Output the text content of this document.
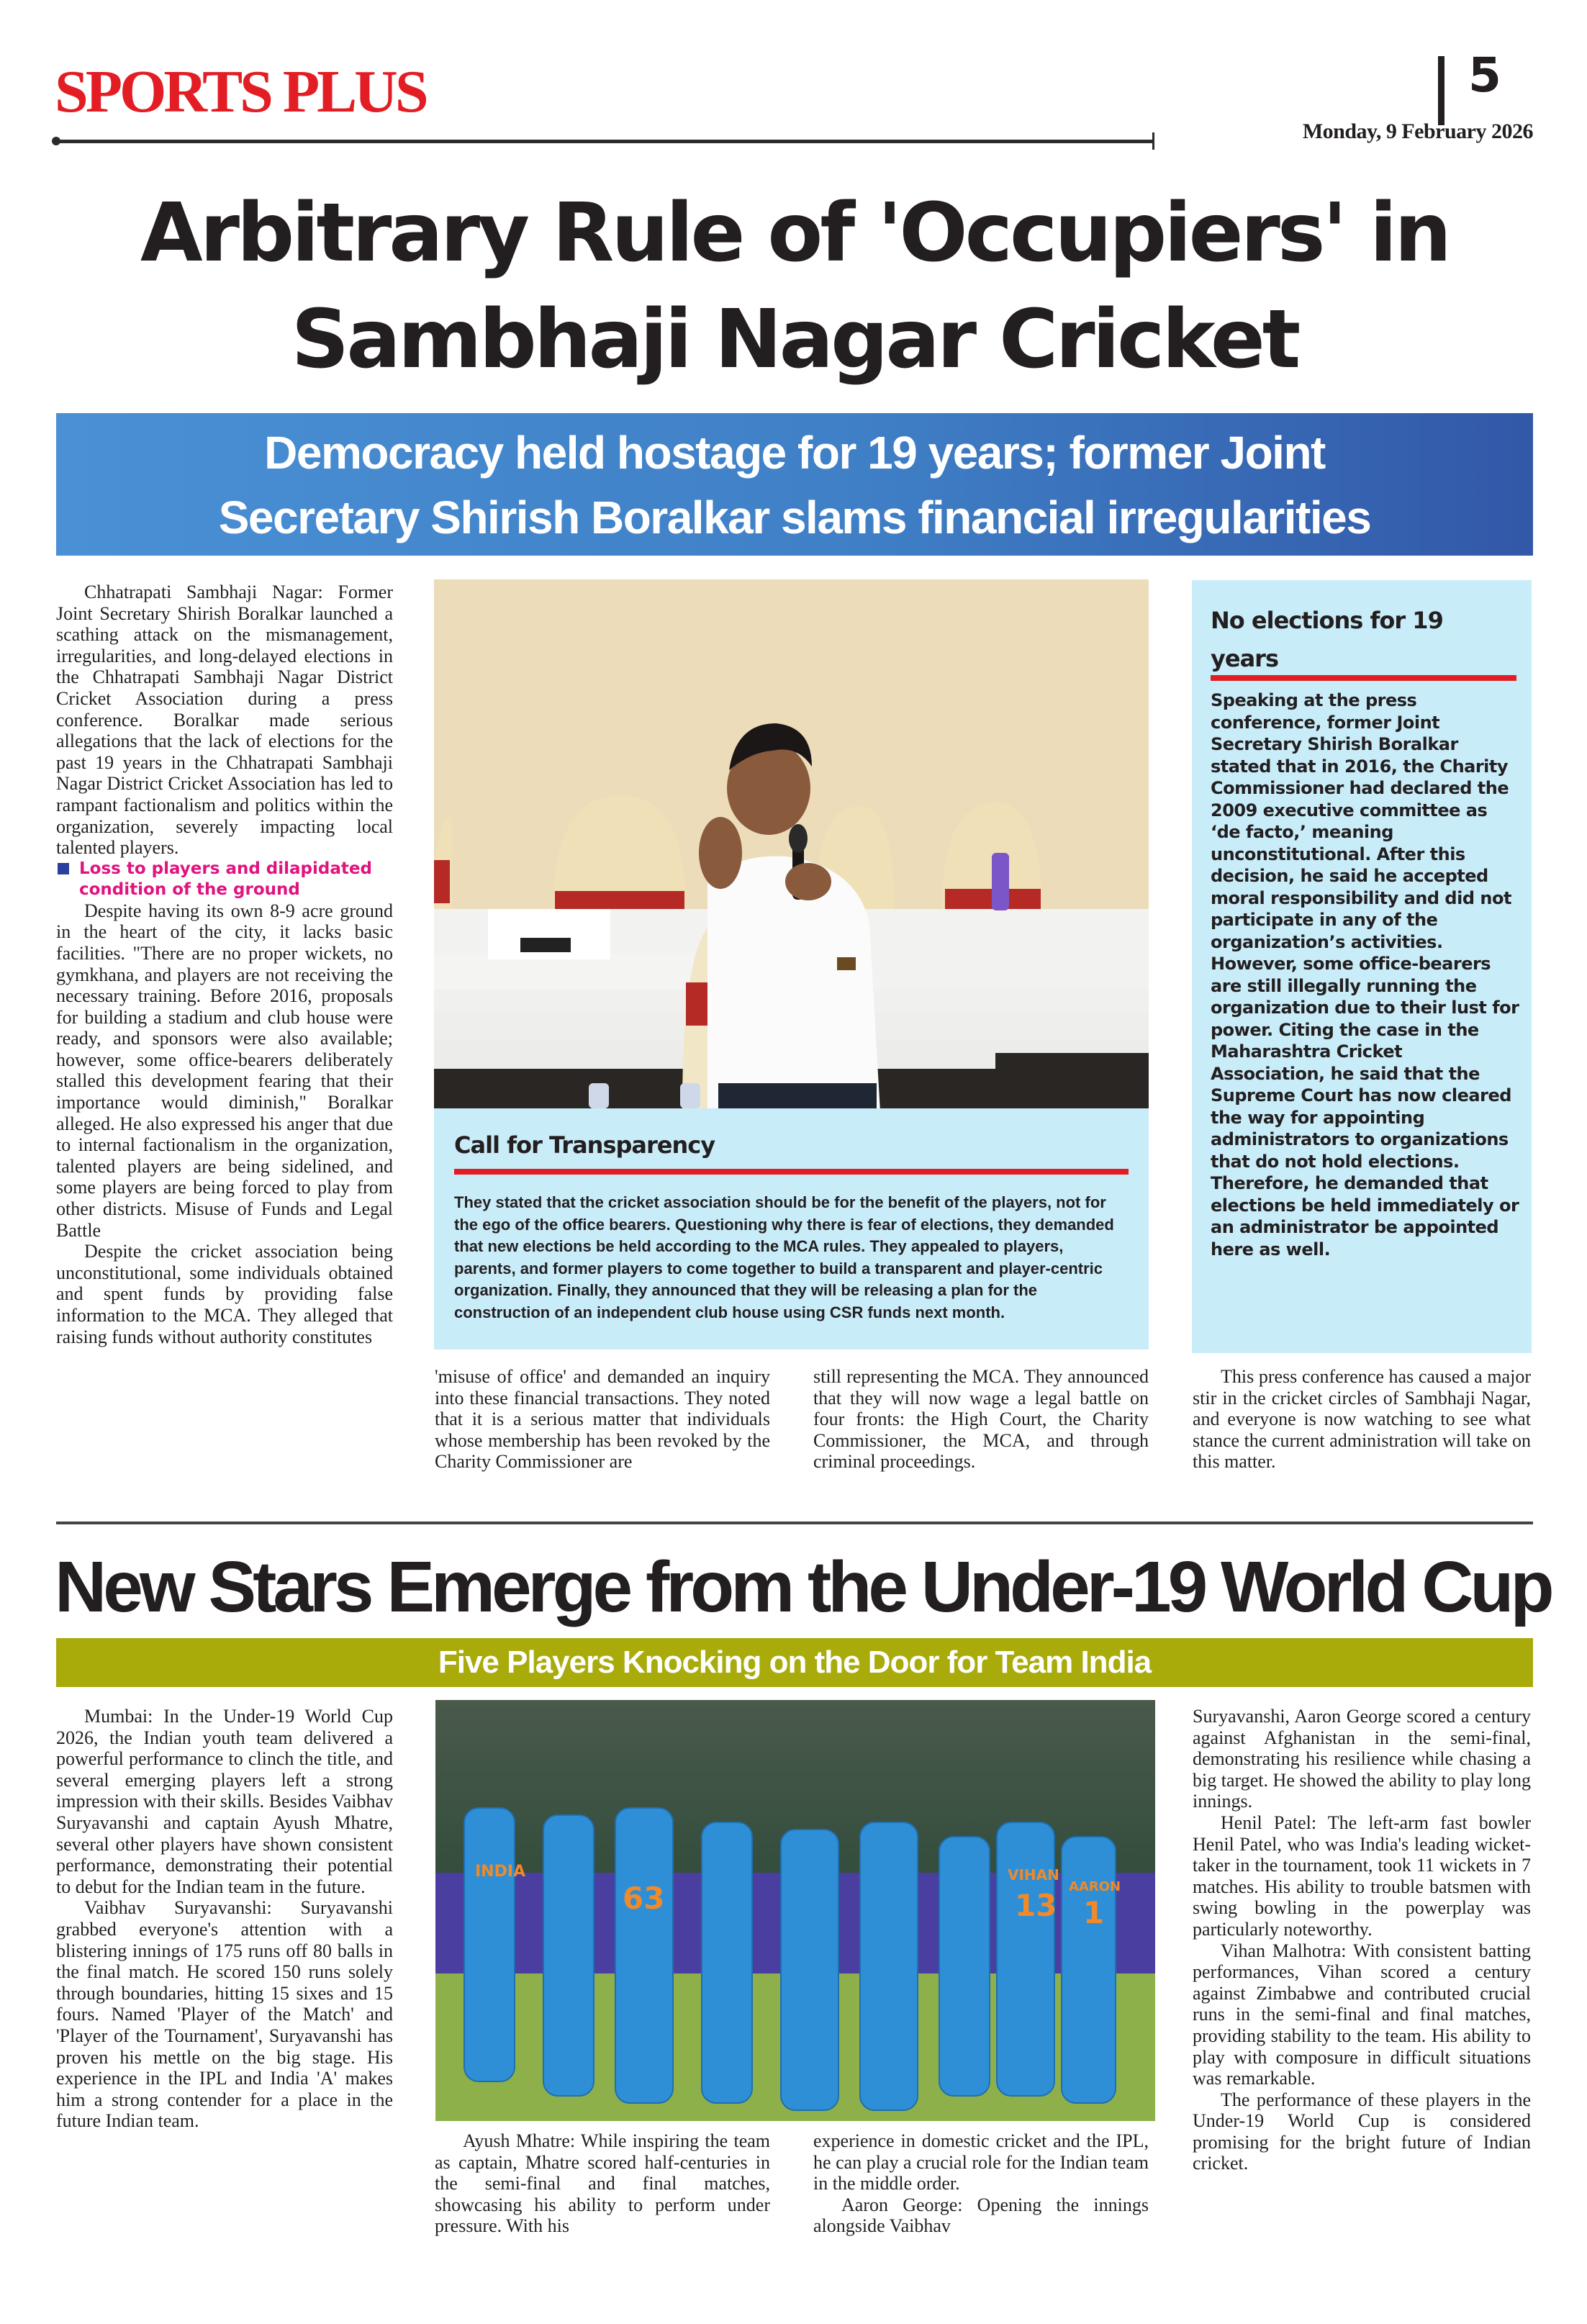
SPORTS PLUS	5
Monday, 9 February 2026
Arbitrary Rule of 'Occupiers' in
Sambhaji Nagar Cricket
Democracy held hostage for 19 years; former Joint
Secretary Shirish Boralkar slams financial irregularities

Chhatrapati Sambhaji Nagar: Former Joint Secretary Shirish Boralkar launched a scathing attack on the mismanagement, irregularities, and long-delayed elections in the Chhatrapati Sambhaji Nagar District Cricket Association during a press conference. Boralkar made serious allegations that the lack of elections for the past 19 years in the Chhatrapati Sambhaji Nagar District Cricket Association has led to rampant factionalism and politics within the organization, severely impacting local talented players.

Loss to players and dilapidated condition of the ground

Despite having its own 8-9 acre ground in the heart of the city, it lacks basic facilities. "There are no proper wickets, no gymkhana, and players are not receiving the necessary training. Before 2016, proposals for building a stadium and club house were ready, and sponsors were also available; however, some office-bearers deliberately stalled this development fearing that their importance would diminish," Boralkar alleged. He also expressed his anger that due to internal factionalism in the organization, talented players are being sidelined, and some players are being forced to play from other districts. Misuse of Funds and Legal Battle

Despite the cricket association being unconstitutional, some individuals obtained and spent funds by providing false information to the MCA. They alleged that raising funds without authority constitutes

Call for Transparency
They stated that the cricket association should be for the benefit of the players, not for the ego of the office bearers. Questioning why there is fear of elections, they demanded that new elections be held according to the MCA rules. They appealed to players, parents, and former players to come together to build a transparent and player-centric organization. Finally, they announced that they will be releasing a plan for the construction of an independent club house using CSR funds next month.
No elections for 19 years
Speaking at the press conference, former Joint Secretary Shirish Boralkar stated that in 2016, the Charity Commissioner had declared the 2009 executive committee as ‘de facto,’ meaning unconstitutional. After this decision, he said he accepted moral responsibility and did not participate in any of the organization’s activities. However, some office-bearers are still illegally running the organization due to their lust for power. Citing the case in the Maharashtra Cricket Association, he said that the Supreme Court has now cleared the way for appointing administrators to organizations that do not hold elections. Therefore, he demanded that elections be held immediately or an administrator be appointed here as well.

'misuse of office' and demanded an inquiry into these financial transactions. They noted that it is a serious matter that individuals whose membership has been revoked by the Charity Commissioner are

still representing the MCA. They announced that they will now wage a legal battle on four fronts: the High Court, the Charity Commissioner, the MCA, and through criminal proceedings.

This press conference has caused a major stir in the cricket circles of Sambhaji Nagar, and everyone is now watching to see what stance the current administration will take on this matter.

New Stars Emerge from the Under-19 World Cup
Five Players Knocking on the Door for Team India

Mumbai: In the Under-19 World Cup 2026, the Indian youth team delivered a powerful performance to clinch the title, and several emerging players left a strong impression with their skills. Besides Vaibhav Suryavanshi and captain Ayush Mhatre, several other players have shown consistent performance, demonstrating their potential to debut for the Indian team in the future.

Vaibhav Suryavanshi: Suryavanshi grabbed everyone's attention with a blistering innings of 175 runs off 80 balls in the final match. He scored 150 runs solely through boundaries, hitting 15 sixes and 15 fours. Named 'Player of the Match' and 'Player of the Tournament', Suryavanshi has proven his mettle on the big stage. His experience in the IPL and India 'A' makes him a strong contender for a place in the future Indian team.

INDIA	VIHAN
13
AARON
1
63

Ayush Mhatre: While inspiring the team as captain, Mhatre scored half-centuries in the semi-final and final matches, showcasing his ability to perform under pressure. With his

experience in domestic cricket and the IPL, he can play a crucial role for the Indian team in the middle order.

Aaron George: Opening the innings alongside Vaibhav

Suryavanshi, Aaron George scored a century against Afghanistan in the semi-final, demonstrating his resilience while chasing a big target. He showed the ability to play long innings.

Henil Patel: The left-arm fast bowler Henil Patel, who was India's leading wicket-taker in the tournament, took 11 wickets in 7 matches. His ability to trouble batsmen with swing bowling in the powerplay was particularly noteworthy.

Vihan Malhotra: With consistent batting performances, Vihan scored a century against Zimbabwe and contributed crucial runs in the semi-final and final matches, providing stability to the team. His ability to play with composure in difficult situations was remarkable.

The performance of these players in the Under-19 World Cup is considered promising for the bright future of Indian cricket.
